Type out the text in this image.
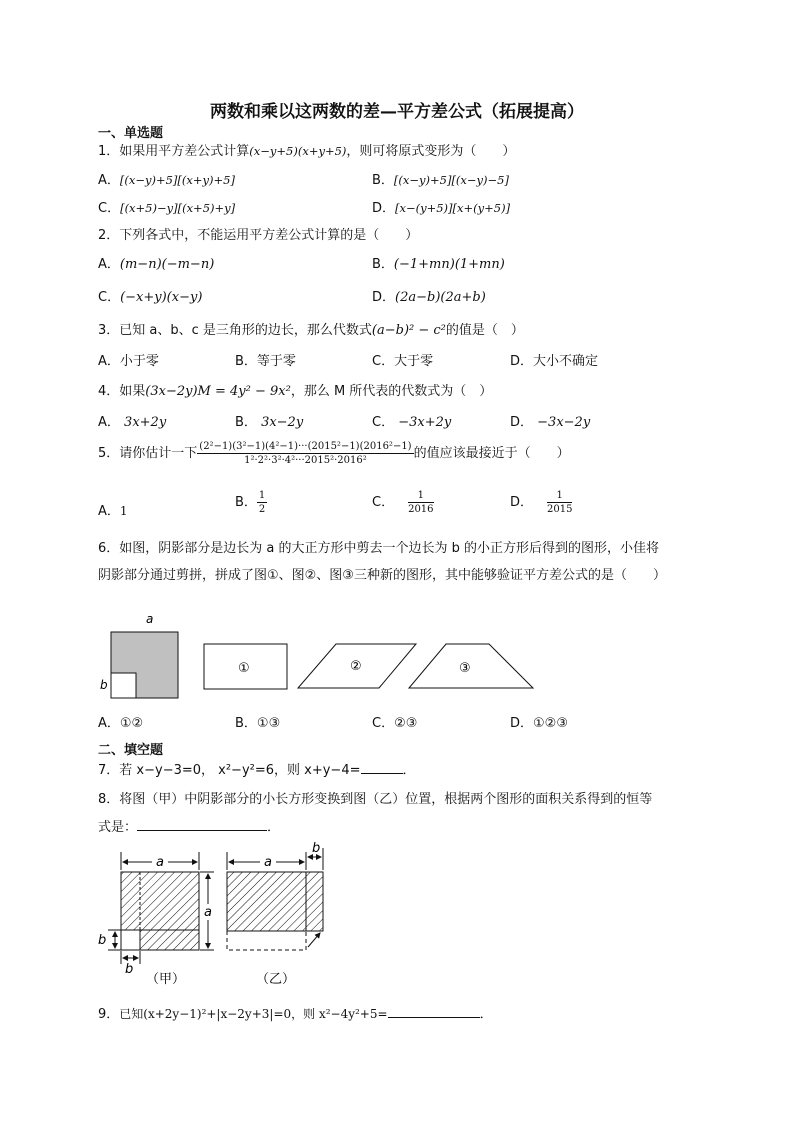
两数和乘以这两数的差—平方差公式（拓展提高）
一、单选题
1．如果用平方差公式计算(x−y+5)(x+y+5)，则可将原式变形为（　　）
A．[(x−y)+5][(x+y)+5]	B．[(x−y)+5][(x−y)−5]
C．[(x+5)−y][(x+5)+y]	D．[x−(y+5)][x+(y+5)]
2．下列各式中，不能运用平方差公式计算的是（　　）
A．(m−n)(−m−n)	B．(−1+mn)(1+mn)
C．(−x+y)(x−y)	D．(2a−b)(2a+b)
3．已知 a、b、c 是三角形的边长，那么代数式(a−b)² − c²的值是（　）
A．小于零	B．等于零	C．大于零	D．大小不确定
4．如果(3x−2y)M = 4y² − 9x²，那么 M 所代表的代数式为（　）
A． 3x+2y	B． 3x−2y	C． −3x+2y	D． −3x−2y
5．请你估计一下 $\frac{\text{(2²−1)(3²−1)(4²−1)···(2015²−1)(2016²−1)}}{\text{1²·2²·3²·4²···2015²·2016²}}$ 的值应该最接近于（　　）
A．1
B． $\frac{1}{2}$	C． $\frac{1}{2016}$	D． $\frac{1}{2015}$
6．如图，阴影部分是边长为 a 的大正方形中剪去一个边长为 b 的小正方形后得到的图形，小佳将
阴影部分通过剪拼，拼成了图①、图②、图③三种新的图形，其中能够验证平方差公式的是（　　）
a
b
①	②	③
A．①②	B．①③	C．②③	D．①②③
二、填空题
7．若 x−y−3=0， x²−y²=6，则 x+y−4=	．
8．将图（甲）中阴影部分的小长方形变换到图（乙）位置，根据两个图形的面积关系得到的恒等
式是：	．
a
a
b
b
（甲）
a
b
（乙）
9．已知(x+2y−1)²+|x−2y+3|=0，则 x²−4y²+5=	．
